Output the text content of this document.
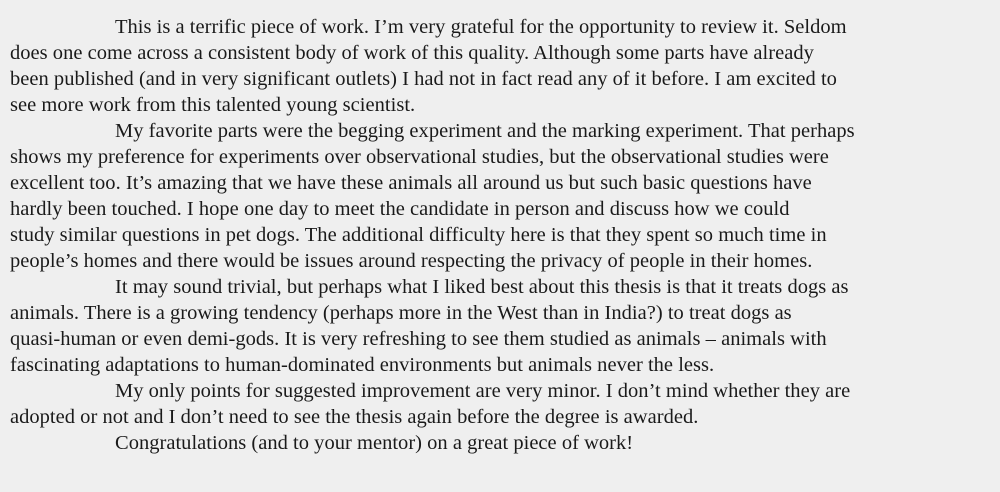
This is a terrific piece of work. I’m very grateful for the opportunity to review it. Seldom
does one come across a consistent body of work of this quality. Although some parts have already
been published (and in very significant outlets) I had not in fact read any of it before. I am excited to
see more work from this talented young scientist.
My favorite parts were the begging experiment and the marking experiment. That perhaps
shows my preference for experiments over observational studies, but the observational studies were
excellent too. It’s amazing that we have these animals all around us but such basic questions have
hardly been touched. I hope one day to meet the candidate in person and discuss how we could
study similar questions in pet dogs. The additional difficulty here is that they spent so much time in
people’s homes and there would be issues around respecting the privacy of people in their homes.
It may sound trivial, but perhaps what I liked best about this thesis is that it treats dogs as
animals. There is a growing tendency (perhaps more in the West than in India?) to treat dogs as
quasi-human or even demi-gods. It is very refreshing to see them studied as animals – animals with
fascinating adaptations to human-dominated environments but animals never the less.
My only points for suggested improvement are very minor. I don’t mind whether they are
adopted or not and I don’t need to see the thesis again before the degree is awarded.
Congratulations (and to your mentor) on a great piece of work!
